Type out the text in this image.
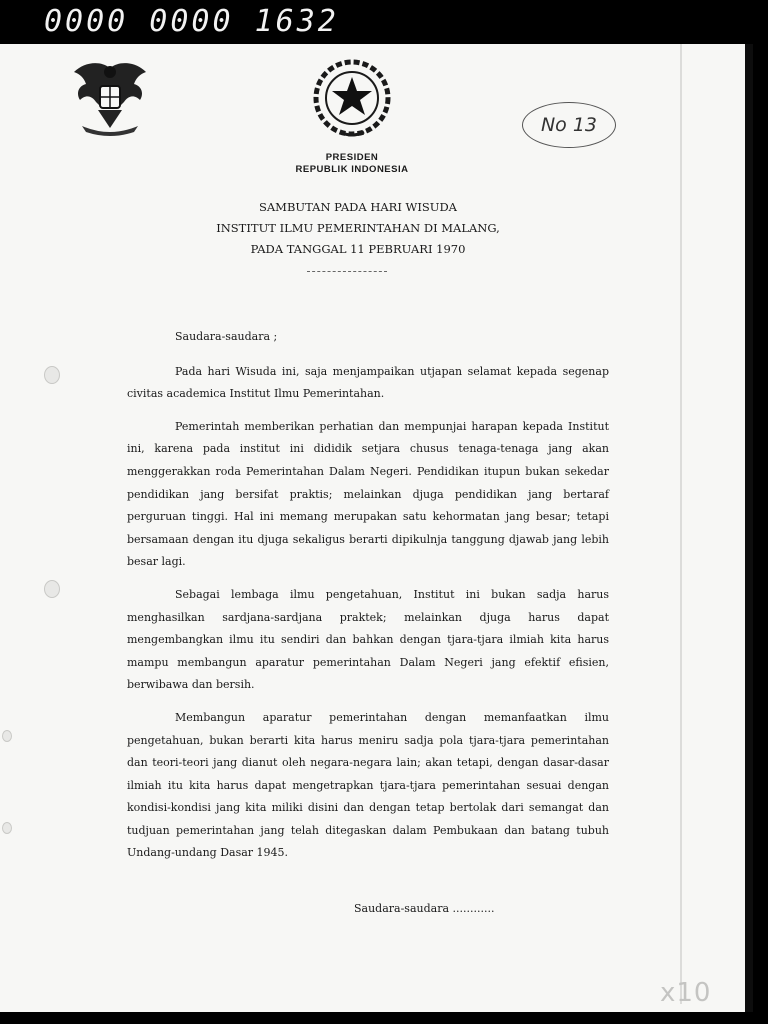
0000 0000 1632
No 13
PRESIDEN
REPUBLIK INDONESIA
SAMBUTAN PADA HARI WISUDA
INSTITUT ILMU PEMERINTAHAN DI MALANG,
PADA TANGGAL 11 PEBRUARI 1970
Saudara-saudara ;

Pada hari Wisuda ini, saja menjampaikan utjapan selamat kepada segenap civitas academica Institut Ilmu Pemerintahan.

Pemerintah memberikan perhatian dan mempunjai harapan kepada Institut ini, karena pada institut ini dididik setjara chusus tenaga-tenaga jang akan menggerakkan roda Pemerintahan Dalam Negeri. Pendidikan itupun bukan sekedar pendidikan jang bersifat praktis; melainkan djuga pendidikan jang bertaraf perguruan tinggi. Hal ini memang merupakan satu kehormatan jang besar; tetapi bersamaan dengan itu djuga sekaligus berarti dipikulnja tanggung djawab jang lebih besar lagi.

Sebagai lembaga ilmu pengetahuan, Institut ini bukan sadja harus menghasilkan sardjana-sardjana praktek; melainkan djuga harus dapat mengembangkan ilmu itu sendiri dan bahkan dengan tjara-tjara ilmiah kita harus mampu membangun aparatur pemerintahan Dalam Negeri jang efektif efisien, berwibawa dan bersih.

Membangun aparatur pemerintahan dengan memanfaatkan ilmu pengetahuan, bukan berarti kita harus meniru sadja pola tjara-tjara pemerintahan dan teori-teori jang dianut oleh negara-negara lain; akan tetapi, dengan dasar-dasar ilmiah itu kita harus dapat mengetrapkan tjara-tjara pemerintahan sesuai dengan kondisi-kondisi jang kita miliki disini dan dengan tetap bertolak dari semangat dan tudjuan pemerintahan jang telah ditegaskan dalam Pembukaan dan batang tubuh Undang-undang Dasar 1945.

Saudara-saudara ............
x10
